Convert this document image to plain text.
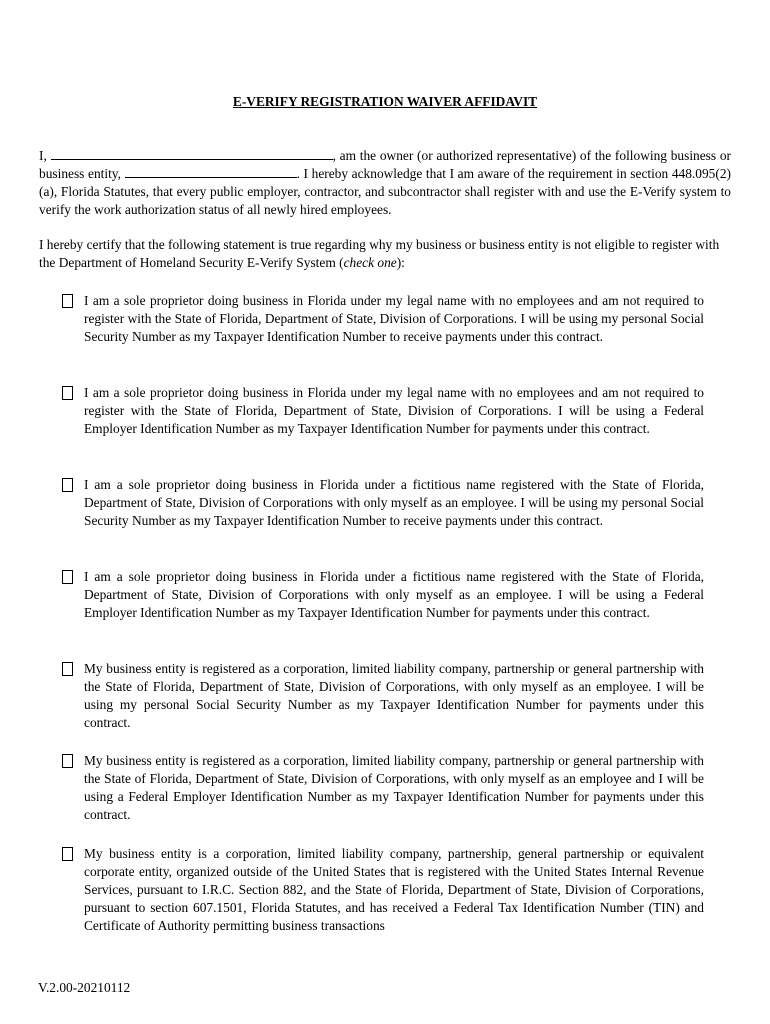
E-VERIFY REGISTRATION WAIVER AFFIDAVIT

I,	, am the owner (or authorized representative) of the following business or business entity,	. I hereby acknowledge that I am aware of the requirement in section 448.095(2)(a), Florida Statutes, that every public employer, contractor, and subcontractor shall register with and use the E-Verify system to verify the work authorization status of all newly hired employees.

I hereby certify that the following statement is true regarding why my business or business entity is not eligible to register with the Department of Homeland Security E-Verify System (check one):

I am a sole proprietor doing business in Florida under my legal name with no employees and am not required to register with the State of Florida, Department of State, Division of Corporations. I will be using my personal Social Security Number as my Taxpayer Identification Number to receive payments under this contract.

I am a sole proprietor doing business in Florida under my legal name with no employees and am not required to register with the State of Florida, Department of State, Division of Corporations. I will be using a Federal Employer Identification Number as my Taxpayer Identification Number for payments under this contract.

I am a sole proprietor doing business in Florida under a fictitious name registered with the State of Florida, Department of State, Division of Corporations with only myself as an employee. I will be using my personal Social Security Number as my Taxpayer Identification Number to receive payments under this contract.

I am a sole proprietor doing business in Florida under a fictitious name registered with the State of Florida, Department of State, Division of Corporations with only myself as an employee. I will be using a Federal Employer Identification Number as my Taxpayer Identification Number for payments under this contract.

My business entity is registered as a corporation, limited liability company, partnership or general partnership with the State of Florida, Department of State, Division of Corporations, with only myself as an employee. I will be using my personal Social Security Number as my Taxpayer Identification Number for payments under this contract.

My business entity is registered as a corporation, limited liability company, partnership or general partnership with the State of Florida, Department of State, Division of Corporations, with only myself as an employee and I will be using a Federal Employer Identification Number as my Taxpayer Identification Number for payments under this contract.

My business entity is a corporation, limited liability company, partnership, general partnership or equivalent corporate entity, organized outside of the United States that is registered with the United States Internal Revenue Services, pursuant to I.R.C. Section 882, and the State of Florida, Department of State, Division of Corporations, pursuant to section 607.1501, Florida Statutes, and has received a Federal Tax Identification Number (TIN) and Certificate of Authority permitting business transactions

V.2.00-20210112
